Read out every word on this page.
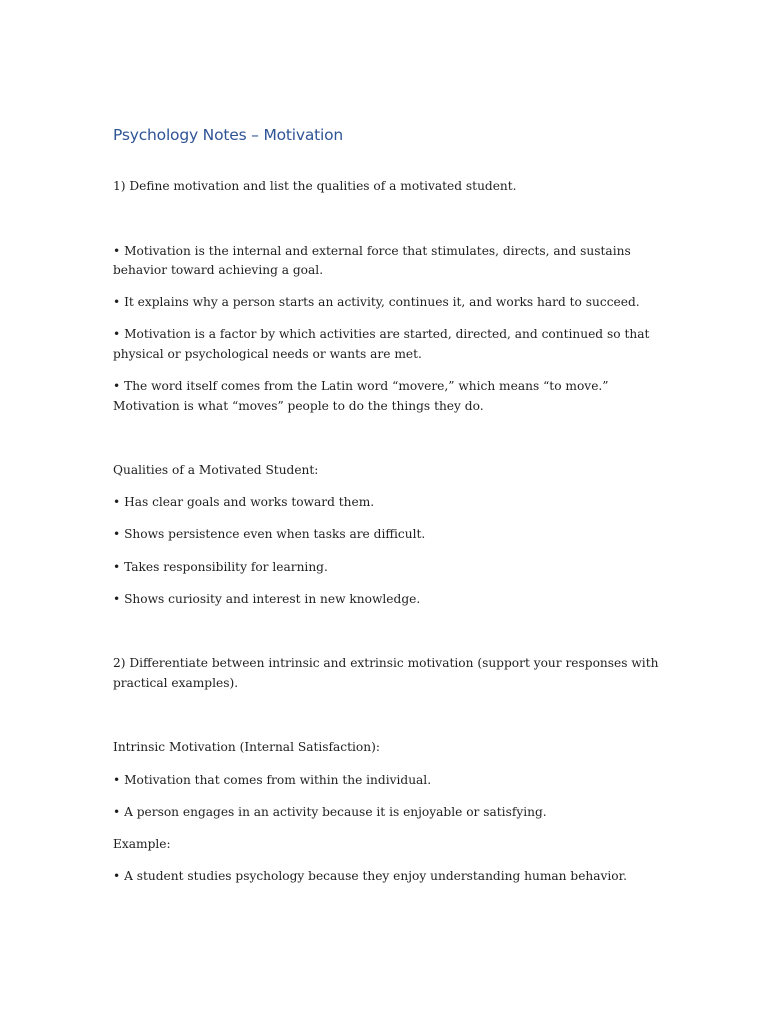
Psychology Notes – Motivation

1) Define motivation and list the qualities of a motivated student.

• Motivation is the internal and external force that stimulates, directs, and sustains behavior toward achieving a goal.

• It explains why a person starts an activity, continues it, and works hard to succeed.

• Motivation is a factor by which activities are started, directed, and continued so that physical or psychological needs or wants are met.

• The word itself comes from the Latin word “movere,” which means “to move.” Motivation is what “moves” people to do the things they do.

Qualities of a Motivated Student:

• Has clear goals and works toward them.

• Shows persistence even when tasks are difficult.

• Takes responsibility for learning.

• Shows curiosity and interest in new knowledge.

2) Differentiate between intrinsic and extrinsic motivation (support your responses with practical examples).

Intrinsic Motivation (Internal Satisfaction):

• Motivation that comes from within the individual.

• A person engages in an activity because it is enjoyable or satisfying.

Example:

• A student studies psychology because they enjoy understanding human behavior.
